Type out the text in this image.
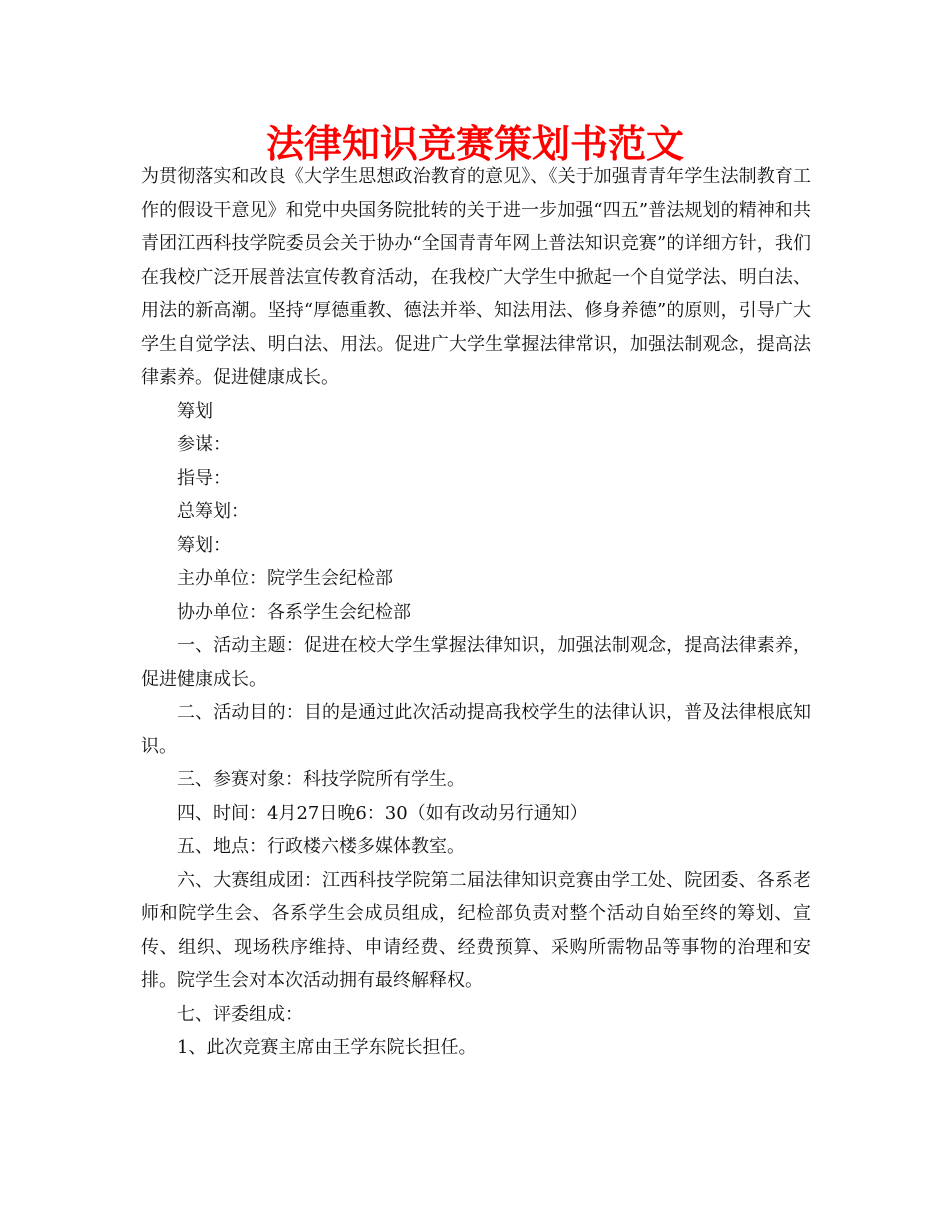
法律知识竞赛策划书范文

为贯彻落实和改良《大学生思想政治教育的意见》、《关于加强青青年学生法制教育工作的假设干意见》和党中央国务院批转的关于进一步加强“四五”普法规划的精神和共青团江西科技学院委员会关于协办“全国青青年网上普法知识竞赛”的详细方针，我们在我校广泛开展普法宣传教育活动，在我校广大学生中掀起一个自觉学法、明白法、用法的新高潮。坚持“厚德重教、德法并举、知法用法、修身养德”的原则，引导广大学生自觉学法、明白法、用法。促进广大学生掌握法律常识，加强法制观念，提高法律素养。促进健康成长。

筹划

参谋：

指导：

总筹划：

筹划：

主办单位：院学生会纪检部

协办单位：各系学生会纪检部

一、活动主题：促进在校大学生掌握法律知识，加强法制观念，提高法律素养，促进健康成长。

二、活动目的：目的是通过此次活动提高我校学生的法律认识，普及法律根底知识。

三、参赛对象：科技学院所有学生。

四、时间：4月27日晚6：30（如有改动另行通知）

五、地点：行政楼六楼多媒体教室。

六、大赛组成团：江西科技学院第二届法律知识竞赛由学工处、院团委、各系老师和院学生会、各系学生会成员组成，纪检部负责对整个活动自始至终的筹划、宣传、组织、现场秩序维持、申请经费、经费预算、采购所需物品等事物的治理和安排。院学生会对本次活动拥有最终解释权。

七、评委组成：

1、此次竞赛主席由王学东院长担任。
